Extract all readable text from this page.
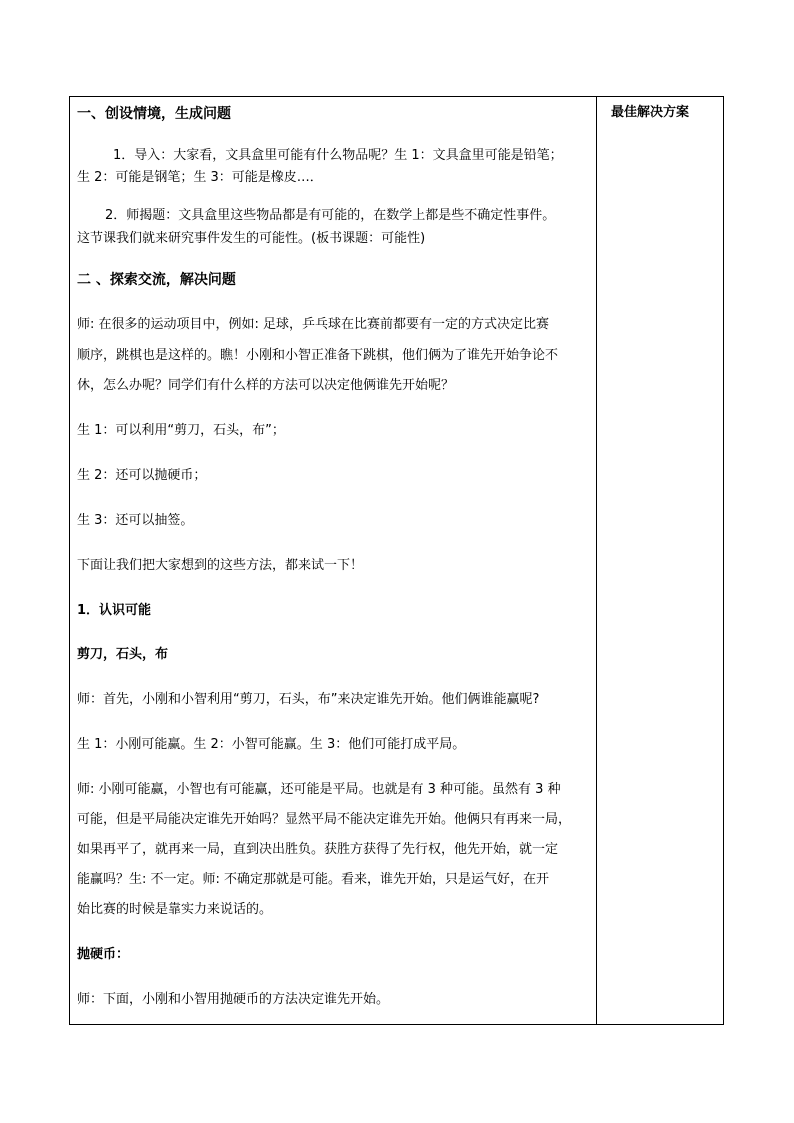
一、创设情境，生成问题
1．导入：大家看，文具盒里可能有什么物品呢？生 1：文具盒里可能是铅笔；
生 2：可能是钢笔；生 3：可能是橡皮…．
2．师揭题：文具盒里这些物品都是有可能的，在数学上都是些不确定性事件。
这节课我们就来研究事件发生的可能性。(板书课题：可能性)
二 、探索交流，解决问题
师: 在很多的运动项目中，例如: 足球，乒乓球在比赛前都要有一定的方式决定比赛
顺序，跳棋也是这样的。瞧！小刚和小智正准备下跳棋，他们俩为了谁先开始争论不
休，怎么办呢？同学们有什么样的方法可以决定他俩谁先开始呢？
生 1：可以利用“剪刀，石头，布”；
生 2：还可以抛硬币；
生 3：还可以抽签。
下面让我们把大家想到的这些方法，都来试一下！
1．认识可能
剪刀，石头，布
师：首先，小刚和小智利用“剪刀，石头，布”来决定谁先开始。他们俩谁能赢呢?
生 1：小刚可能赢。生 2：小智可能赢。生 3：他们可能打成平局。
师: 小刚可能赢，小智也有可能赢，还可能是平局。也就是有 3 种可能。虽然有 3 种
可能，但是平局能决定谁先开始吗？显然平局不能决定谁先开始。他俩只有再来一局，
如果再平了，就再来一局，直到决出胜负。获胜方获得了先行权，他先开始，就一定
能赢吗？生: 不一定。师: 不确定那就是可能。看来，谁先开始，只是运气好，在开
始比赛的时候是靠实力来说话的。
抛硬币：
师：下面，小刚和小智用抛硬币的方法决定谁先开始。
最佳解决方案
